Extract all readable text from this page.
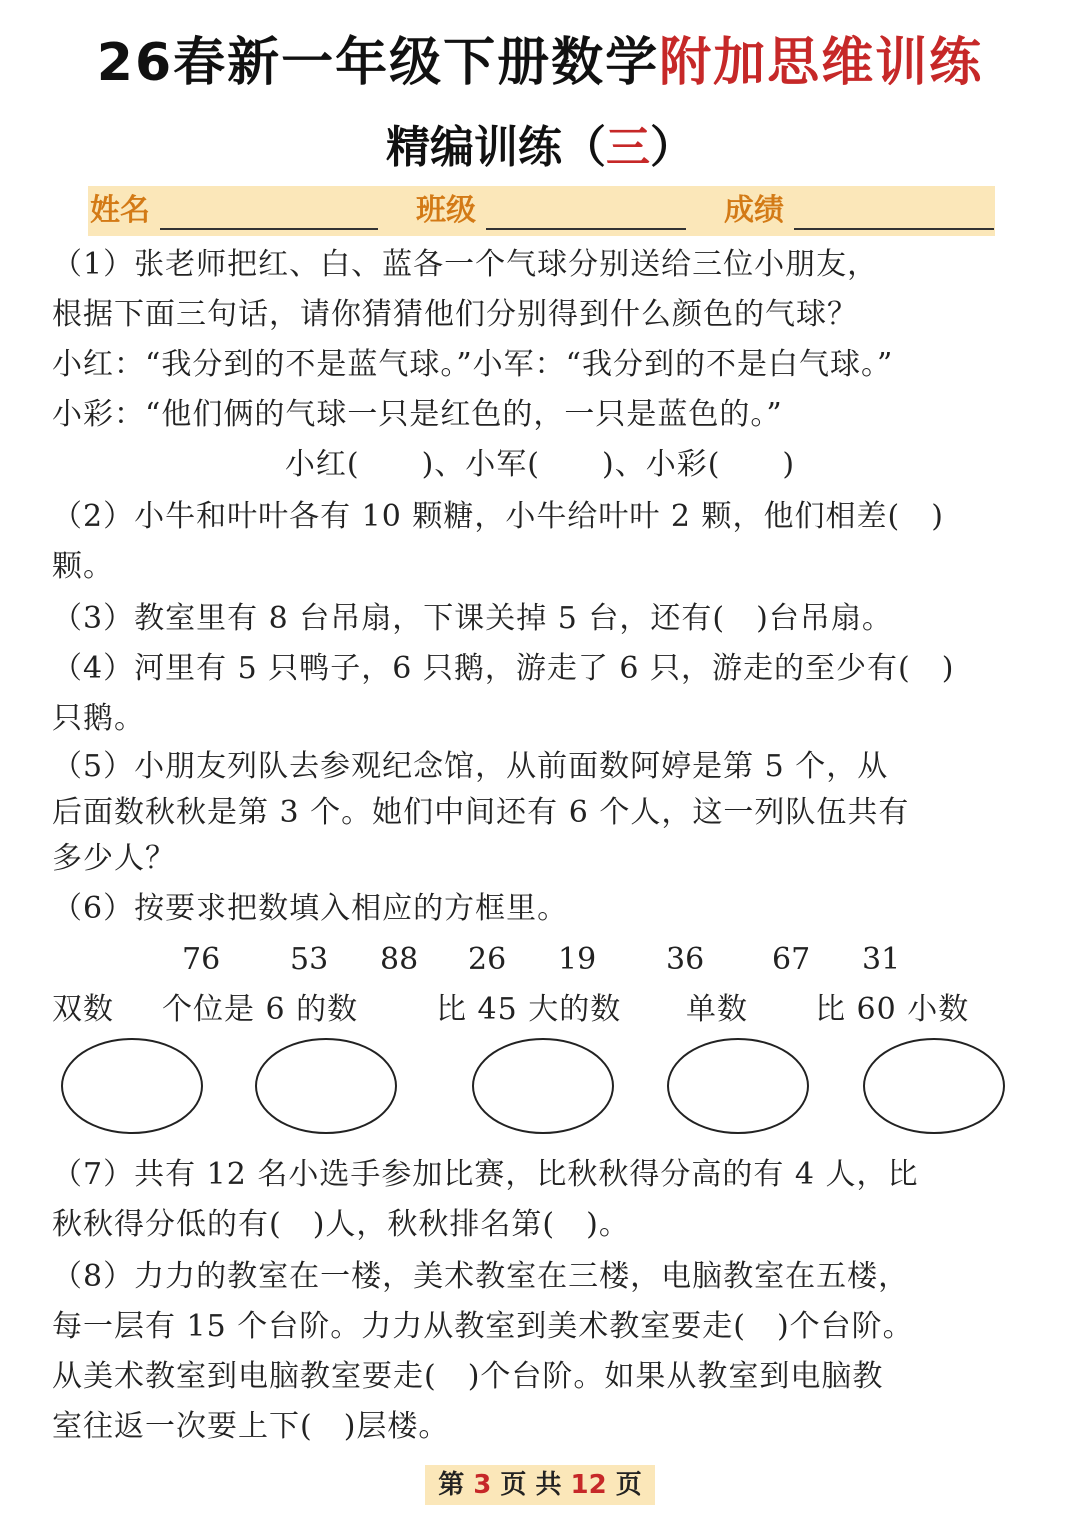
26春新一年级下册数学附加思维训练
精编训练（三）
姓名	班级	成绩
（1）张老师把红、白、蓝各一个气球分别送给三位小朋友，
根据下面三句话，请你猜猜他们分别得到什么颜色的气球？
小红：“我分到的不是蓝气球。”小军：“我分到的不是白气球。”
小彩：“他们俩的气球一只是红色的，一只是蓝色的。”
小红(　　)、小军(　　)、小彩(　　)
（2）小牛和叶叶各有 10 颗糖，小牛给叶叶 2 颗，他们相差(　)
颗。
（3）教室里有 8 台吊扇，下课关掉 5 台，还有(　)台吊扇。
（4）河里有 5 只鸭子，6 只鹅，游走了 6 只，游走的至少有(　)
只鹅。
（5）小朋友列队去参观纪念馆，从前面数阿婷是第 5 个，从
后面数秋秋是第 3 个。她们中间还有 6 个人，这一列队伍共有
多少人？
（6）按要求把数填入相应的方框里。
76 53 88 26 19 36 67 31
双数 个位是 6 的数	比 45 大的数 单数 比 60 小数
（7）共有 12 名小选手参加比赛，比秋秋得分高的有 4 人，比
秋秋得分低的有(　)人，秋秋排名第(　)。
（8）力力的教室在一楼，美术教室在三楼，电脑教室在五楼，
每一层有 15 个台阶。力力从教室到美术教室要走(　)个台阶。
从美术教室到电脑教室要走(　)个台阶。如果从教室到电脑教
室往返一次要上下(　)层楼。
第 3 页 共 12 页
